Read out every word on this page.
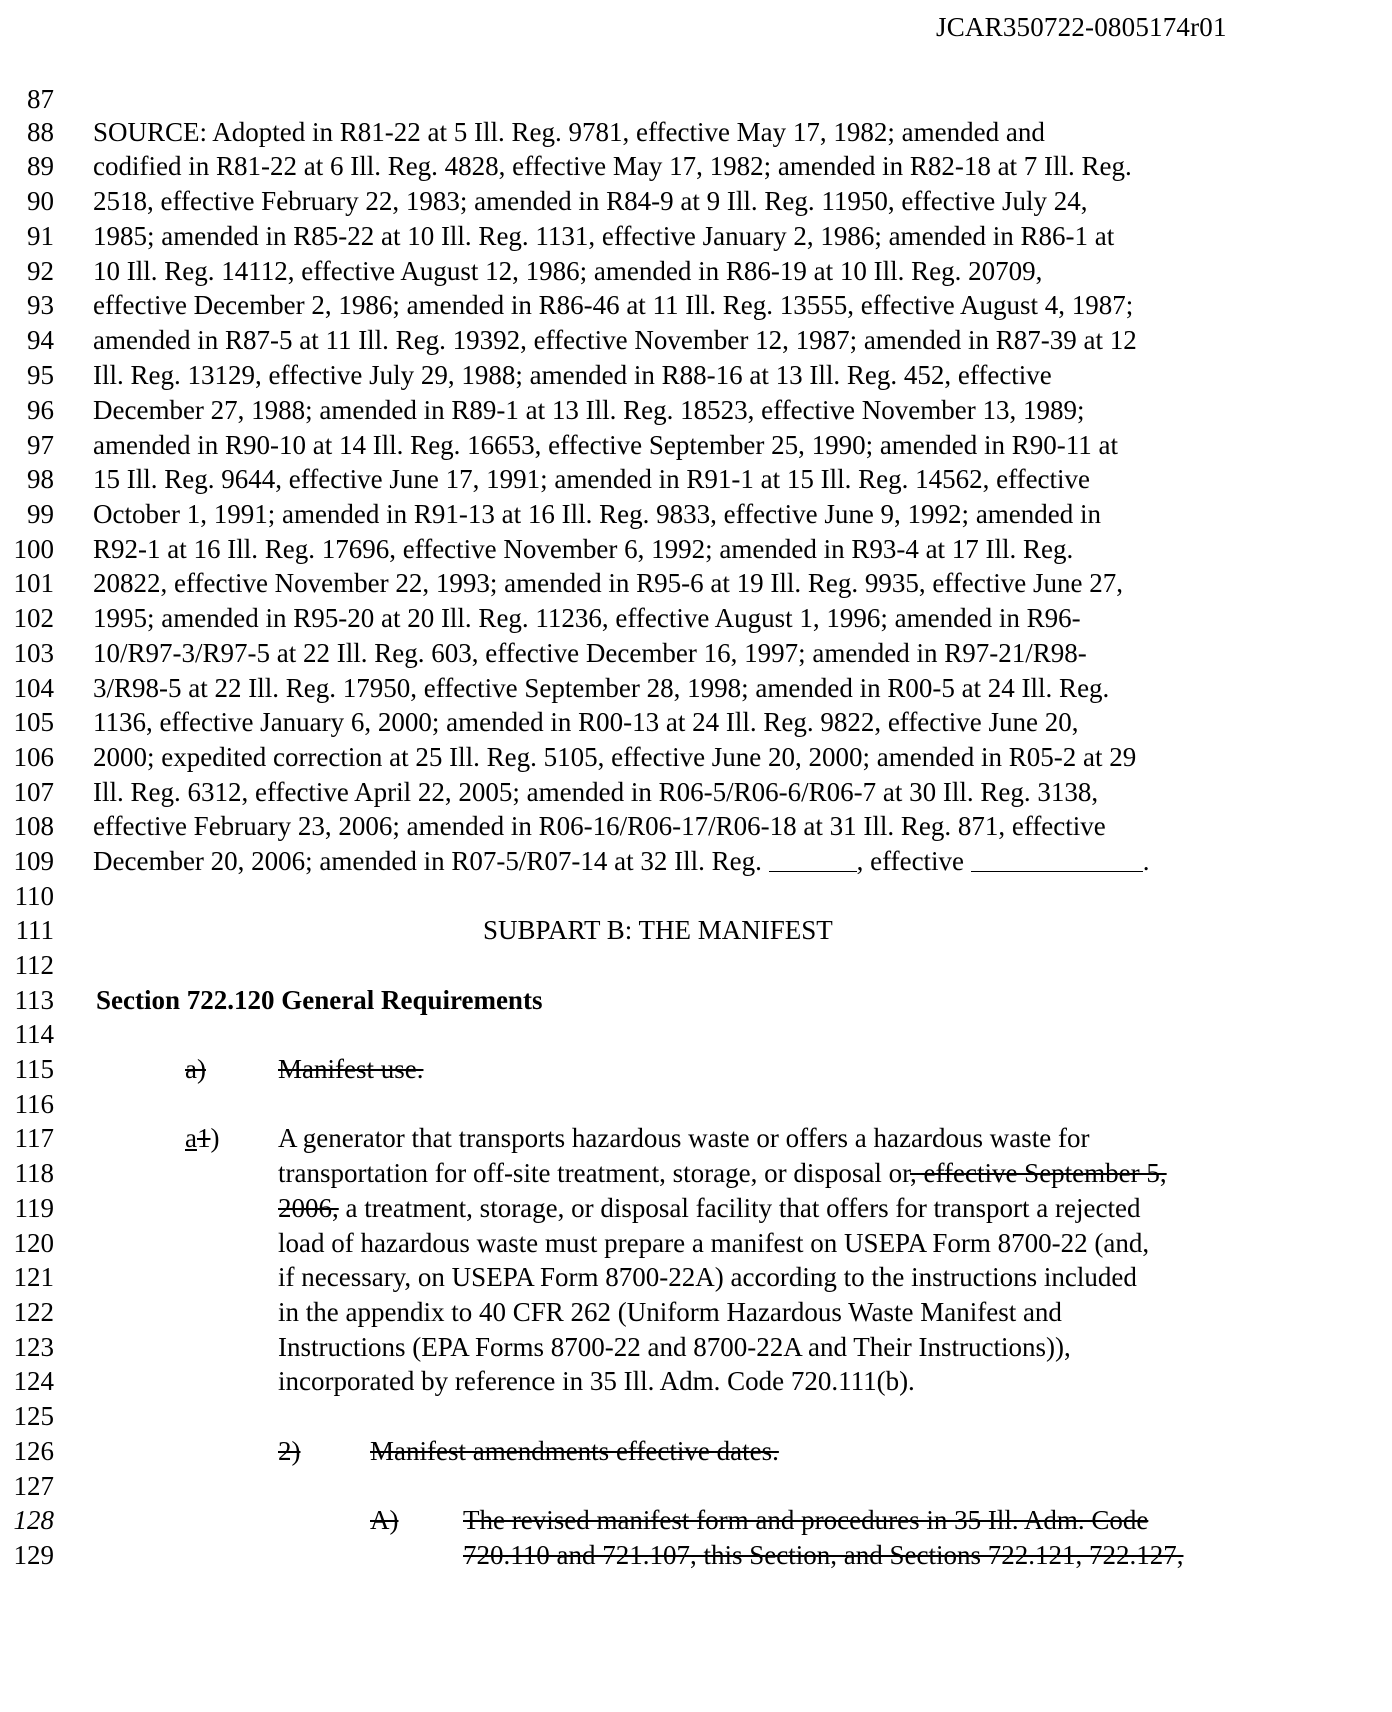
JCAR350722-0805174r01
87
88 SOURCE: Adopted in R81-22 at 5 Ill. Reg. 9781, effective May 17, 1982; amended and
89 codified in R81-22 at 6 Ill. Reg. 4828, effective May 17, 1982; amended in R82-18 at 7 Ill. Reg.
90 2518, effective February 22, 1983; amended in R84-9 at 9 Ill. Reg. 11950, effective July 24,
91 1985; amended in R85-22 at 10 Ill. Reg. 1131, effective January 2, 1986; amended in R86-1 at
92 10 Ill. Reg. 14112, effective August 12, 1986; amended in R86-19 at 10 Ill. Reg. 20709,
93 effective December 2, 1986; amended in R86-46 at 11 Ill. Reg. 13555, effective August 4, 1987;
94 amended in R87-5 at 11 Ill. Reg. 19392, effective November 12, 1987; amended in R87-39 at 12
95 Ill. Reg. 13129, effective July 29, 1988; amended in R88-16 at 13 Ill. Reg. 452, effective
96 December 27, 1988; amended in R89-1 at 13 Ill. Reg. 18523, effective November 13, 1989;
97 amended in R90-10 at 14 Ill. Reg. 16653, effective September 25, 1990; amended in R90-11 at
98 15 Ill. Reg. 9644, effective June 17, 1991; amended in R91-1 at 15 Ill. Reg. 14562, effective
99 October 1, 1991; amended in R91-13 at 16 Ill. Reg. 9833, effective June 9, 1992; amended in
100 R92-1 at 16 Ill. Reg. 17696, effective November 6, 1992; amended in R93-4 at 17 Ill. Reg.
101 20822, effective November 22, 1993; amended in R95-6 at 19 Ill. Reg. 9935, effective June 27,
102 1995; amended in R95-20 at 20 Ill. Reg. 11236, effective August 1, 1996; amended in R96-
103 10/R97-3/R97-5 at 22 Ill. Reg. 603, effective December 16, 1997; amended in R97-21/R98-
104 3/R98-5 at 22 Ill. Reg. 17950, effective September 28, 1998; amended in R00-5 at 24 Ill. Reg.
105 1136, effective January 6, 2000; amended in R00-13 at 24 Ill. Reg. 9822, effective June 20,
106 2000; expedited correction at 25 Ill. Reg. 5105, effective June 20, 2000; amended in R05-2 at 29
107 Ill. Reg. 6312, effective April 22, 2005; amended in R06-5/R06-6/R06-7 at 30 Ill. Reg. 3138,
108 effective February 23, 2006; amended in R06-16/R06-17/R06-18 at 31 Ill. Reg. 871, effective
109 December 20, 2006; amended in R07-5/R07-14 at 32 Ill. Reg.	, effective	.
110
111	SUBPART B: THE MANIFEST
112
113 Section 722.120 General Requirements
114
115	a)	Manifest use.
116
117	a1) A generator that transports hazardous waste or offers a hazardous waste for
118	transportation for off-site treatment, storage, or disposal or, effective September 5,
119	2006, a treatment, storage, or disposal facility that offers for transport a rejected
120	load of hazardous waste must prepare a manifest on USEPA Form 8700-22 (and,
121	if necessary, on USEPA Form 8700-22A) according to the instructions included
122	in the appendix to 40 CFR 262 (Uniform Hazardous Waste Manifest and
123	Instructions (EPA Forms 8700-22 and 8700-22A and Their Instructions)),
124	incorporated by reference in 35 Ill. Adm. Code 720.111(b).
125
126	2)	Manifest amendments effective dates.
127
128	A) The revised manifest form and procedures in 35 Ill. Adm. Code
129	720.110 and 721.107, this Section, and Sections 722.121, 722.127,
